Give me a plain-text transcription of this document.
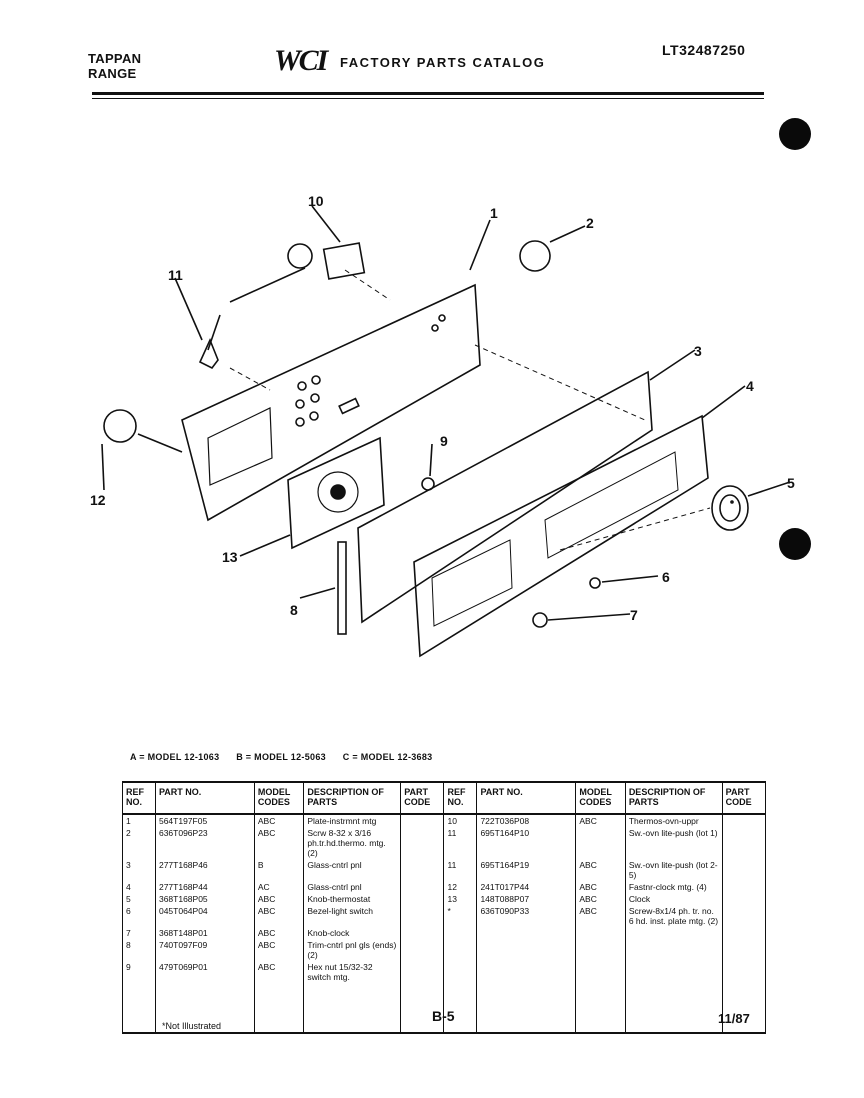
TAPPAN
RANGE	WCI FACTORY PARTS CATALOG
LT32487250
1
2
3
4
5
6
7
8
9
10
11
12
13
A = MODEL 12-1063 B = MODEL 12-5063 C = MODEL 12-3683
REF NO.	PART NO.	MODEL CODES	DESCRIPTION OF PARTS	PART CODE	REF NO.	PART NO.	MODEL CODES	DESCRIPTION OF PARTS	PART CODE
1	564T197F05	ABC	Plate-instrmnt mtg		10	722T036P08	ABC	Thermos-ovn-uppr	
2	636T096P23	ABC	Scrw 8-32 x 3/16 ph.tr.hd.thermo. mtg. (2)		11	695T164P10		Sw.-ovn lite-push (lot 1)	
3	277T168P46	B	Glass-cntrl pnl		11	695T164P19	ABC	Sw.-ovn lite-push (lot 2-5)	
4	277T168P44	AC	Glass-cntrl pnl		12	241T017P44	ABC	Fastnr-clock mtg. (4)	
5	368T168P05	ABC	Knob-thermostat		13	148T088P07	ABC	Clock	
6	045T064P04	ABC	Bezel-light switch		*	636T090P33	ABC	Screw-8x1/4 ph. tr. no. 6 hd. inst. plate mtg. (2)	
7	368T148P01	ABC	Knob-clock						
8	740T097F09	ABC	Trim-cntrl pnl gls (ends) (2)						
9	479T069P01	ABC	Hex nut 15/32-32 switch mtg.						
*Not Illustrated
B-5	11/87
